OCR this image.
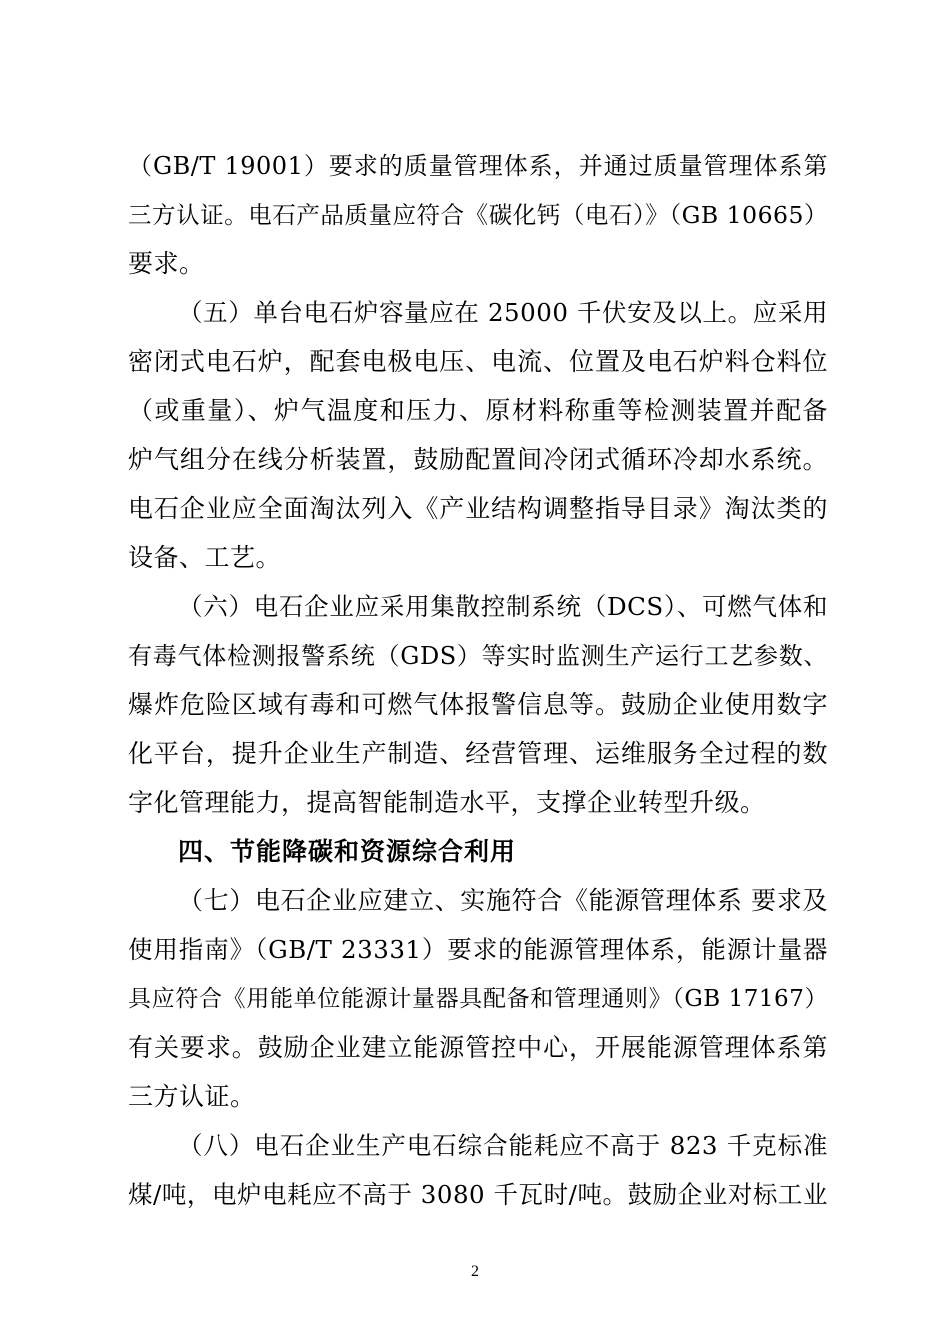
（GB/T 19001）要求的质量管理体系，并通过质量管理体系第
三方认证。电石产品质量应符合《碳化钙（电石）》（GB 10665）
要求。
（五）单台电石炉容量应在 25000 千伏安及以上。应采用
密闭式电石炉，配套电极电压、电流、位置及电石炉料仓料位
（或重量）、炉气温度和压力、原材料称重等检测装置并配备
炉气组分在线分析装置，鼓励配置间冷闭式循环冷却水系统。
电石企业应全面淘汰列入《产业结构调整指导目录》淘汰类的
设备、工艺。
（六）电石企业应采用集散控制系统（DCS）、可燃气体和
有毒气体检测报警系统（GDS）等实时监测生产运行工艺参数、
爆炸危险区域有毒和可燃气体报警信息等。鼓励企业使用数字
化平台，提升企业生产制造、经营管理、运维服务全过程的数
字化管理能力，提高智能制造水平，支撑企业转型升级。
四、节能降碳和资源综合利用
（七）电石企业应建立、实施符合《能源管理体系 要求及
使用指南》（GB/T 23331）要求的能源管理体系，能源计量器
具应符合《用能单位能源计量器具配备和管理通则》（GB 17167）
有关要求。鼓励企业建立能源管控中心，开展能源管理体系第
三方认证。
（八）电石企业生产电石综合能耗应不高于 823 千克标准
煤/吨，电炉电耗应不高于 3080 千瓦时/吨。鼓励企业对标工业
2
